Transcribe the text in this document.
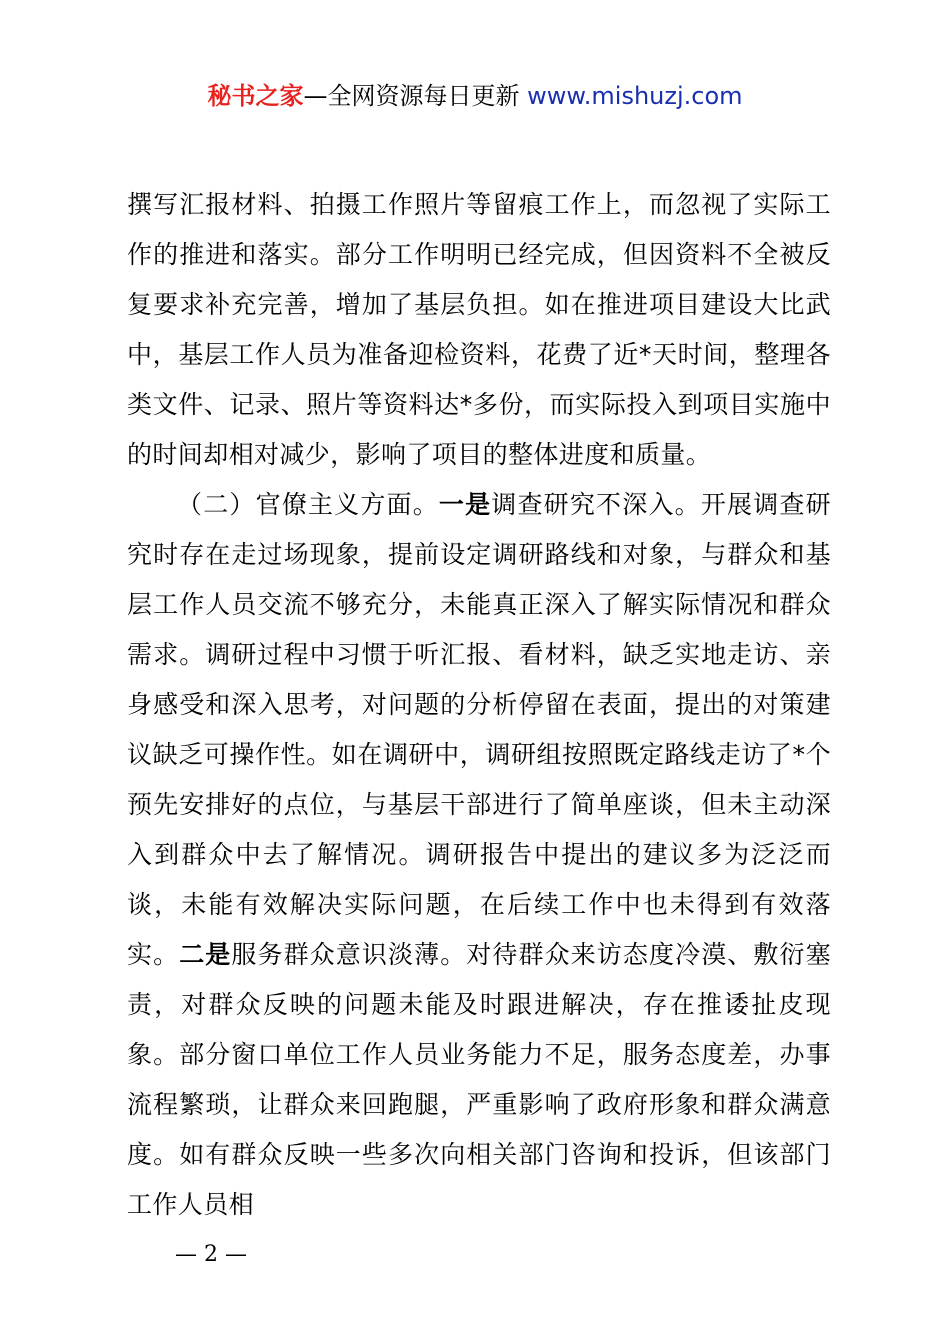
秘书之家—全网资源每日更新 www.mishuzj.com

撰写汇报材料、拍摄工作照片等留痕工作上，而忽视了实际工作的推进和落实。部分工作明明已经完成，但因资料不全被反复要求补充完善，增加了基层负担。如在推进项目建设大比武中，基层工作人员为准备迎检资料，花费了近*天时间，整理各类文件、记录、照片等资料达*多份，而实际投入到项目实施中的时间却相对减少，影响了项目的整体进度和质量。

（二）官僚主义方面。一是调查研究不深入。开展调查研究时存在走过场现象，提前设定调研路线和对象，与群众和基层工作人员交流不够充分，未能真正深入了解实际情况和群众需求。调研过程中习惯于听汇报、看材料，缺乏实地走访、亲身感受和深入思考，对问题的分析停留在表面，提出的对策建议缺乏可操作性。如在调研中，调研组按照既定路线走访了*个预先安排好的点位，与基层干部进行了简单座谈，但未主动深入到群众中去了解情况。调研报告中提出的建议多为泛泛而谈，未能有效解决实际问题，在后续工作中也未得到有效落实。二是服务群众意识淡薄。对待群众来访态度冷漠、敷衍塞责，对群众反映的问题未能及时跟进解决，存在推诿扯皮现象。部分窗口单位工作人员业务能力不足，服务态度差，办事流程繁琐，让群众来回跑腿，严重影响了政府形象和群众满意度。如有群众反映一些多次向相关部门咨询和投诉，但该部门工作人员相

— 2 —
